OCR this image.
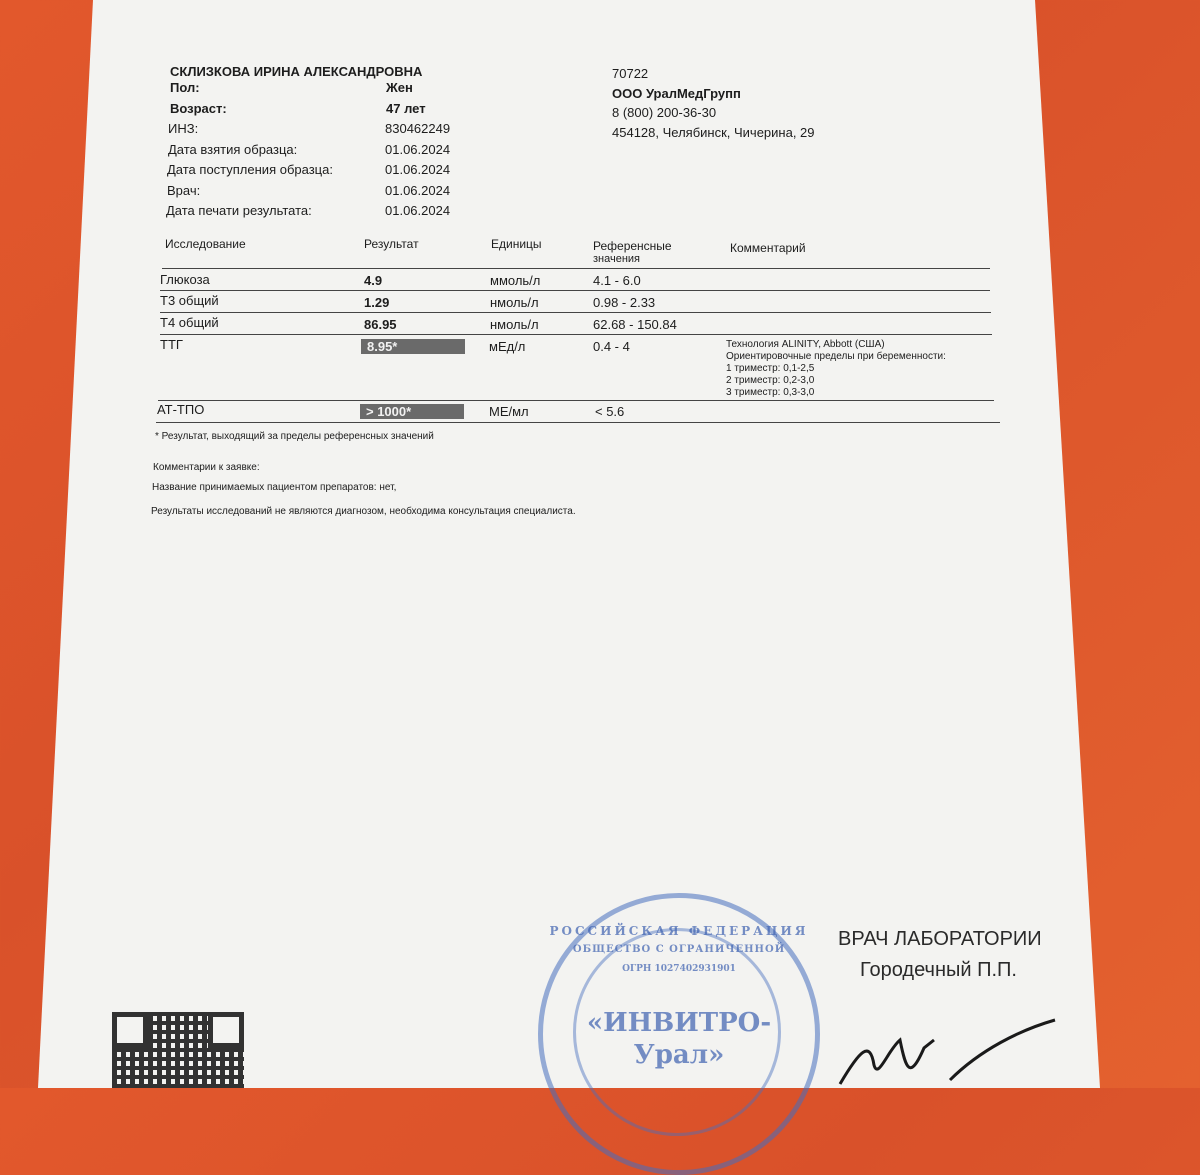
СКЛИЗКОВА ИРИНА АЛЕКСАНДРОВНА
Пол:	Жен
Возраст:	47 лет
ИНЗ:	830462249
Дата взятия образца:	01.06.2024
Дата поступления образца:	01.06.2024
Врач:	01.06.2024
Дата печати результата:	01.06.2024
70722
ООО УралМедГрупп
8 (800) 200-36-30
454128, Челябинск, Чичерина, 29
Исследование	Результат	Единицы	Референсные
значения
Комментарий
Глюкоза	4.9	ммоль/л	4.1 - 6.0
Т3 общий	1.29	нмоль/л	0.98 - 2.33
Т4 общий	86.95	нмоль/л	62.68 - 150.84
ТТГ	8.95*	мЕд/л	0.4 - 4	Технология ALINITY, Abbott (США)
Ориентировочные пределы при беременности:
1 триместр: 0,1-2,5
2 триместр: 0,2-3,0
3 триместр: 0,3-3,0
АТ-ТПО	> 1000*	МЕ/мл	< 5.6
* Результат, выходящий за пределы референсных значений
Комментарии к заявке:
Название принимаемых пациентом препаратов: нет,
Результаты исследований не являются диагнозом, необходима консультация специалиста.
ВРАЧ ЛАБОРАТОРИИ
Городечный П.П.
РОССИЙСКАЯ ФЕДЕРАЦИЯ
ОБЩЕСТВО С ОГРАНИЧЕННОЙ
ОГРН 1027402931901
«ИНВИТРО-
Урал»
